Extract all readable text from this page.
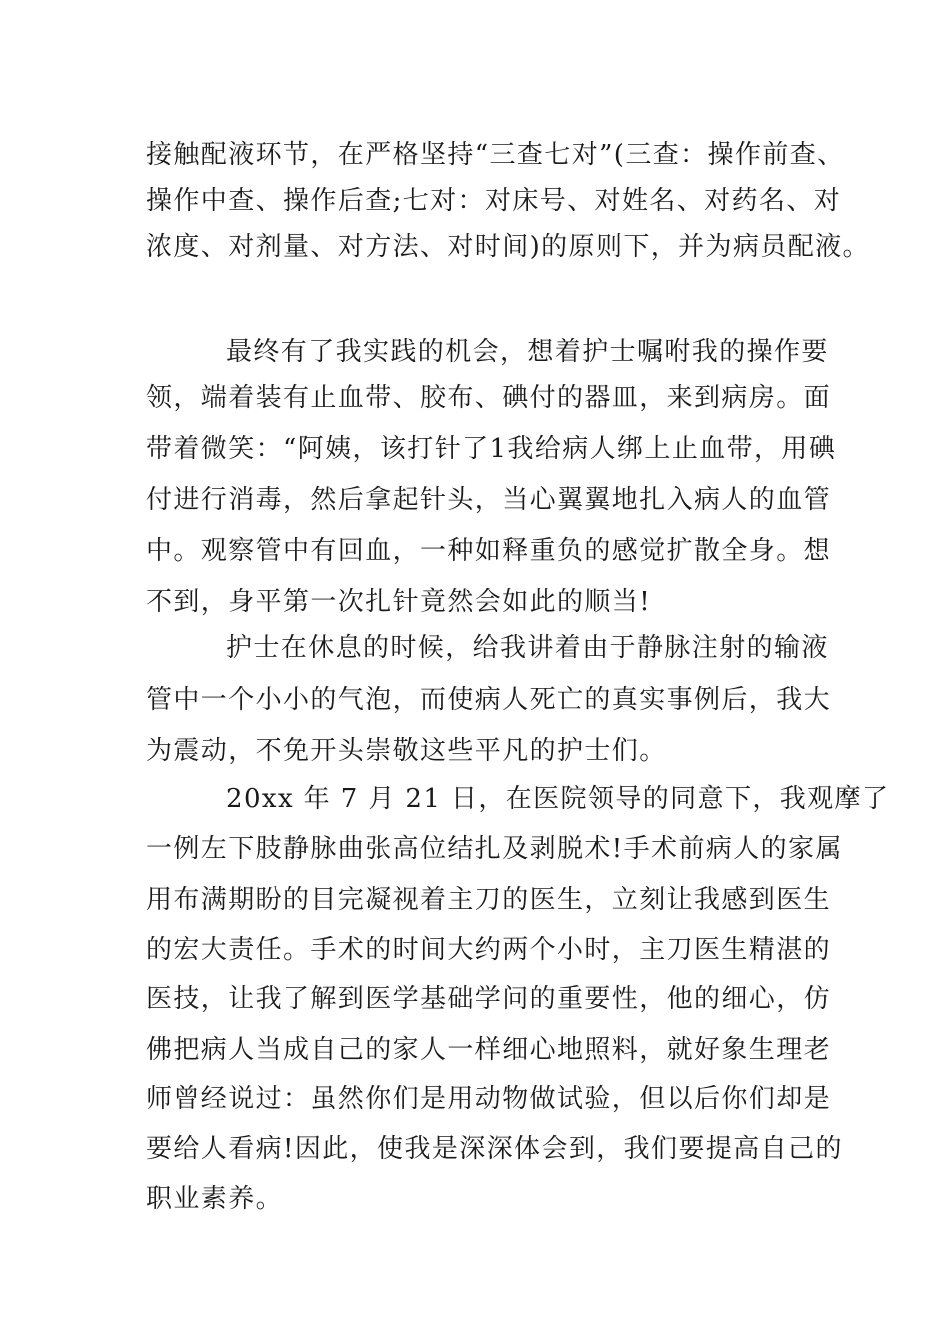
接触配液环节，在严格坚持“三查七对”(三查：操作前查、

操作中查、操作后查;七对：对床号、对姓名、对药名、对

浓度、对剂量、对方法、对时间)的原则下，并为病员配液。

最终有了我实践的机会，想着护士嘱咐我的操作要

领，端着装有止血带、胶布、碘付的器皿，来到病房。面

带着微笑：“阿姨，该打针了1我给病人绑上止血带，用碘

付进行消毒，然后拿起针头，当心翼翼地扎入病人的血管

中。观察管中有回血，一种如释重负的感觉扩散全身。想

不到，身平第一次扎针竟然会如此的顺当!

护士在休息的时候，给我讲着由于静脉注射的输液

管中一个小小的气泡，而使病人死亡的真实事例后，我大

为震动，不免开头崇敬这些平凡的护士们。

20xx 年 7 月 21 日，在医院领导的同意下，我观摩了

一例左下肢静脉曲张高位结扎及剥脱术!手术前病人的家属

用布满期盼的目完凝视着主刀的医生，立刻让我感到医生

的宏大责任。手术的时间大约两个小时，主刀医生精湛的

医技，让我了解到医学基础学问的重要性，他的细心，仿

佛把病人当成自己的家人一样细心地照料，就好象生理老

师曾经说过：虽然你们是用动物做试验，但以后你们却是

要给人看病!因此，使我是深深体会到，我们要提高自己的

职业素养。
